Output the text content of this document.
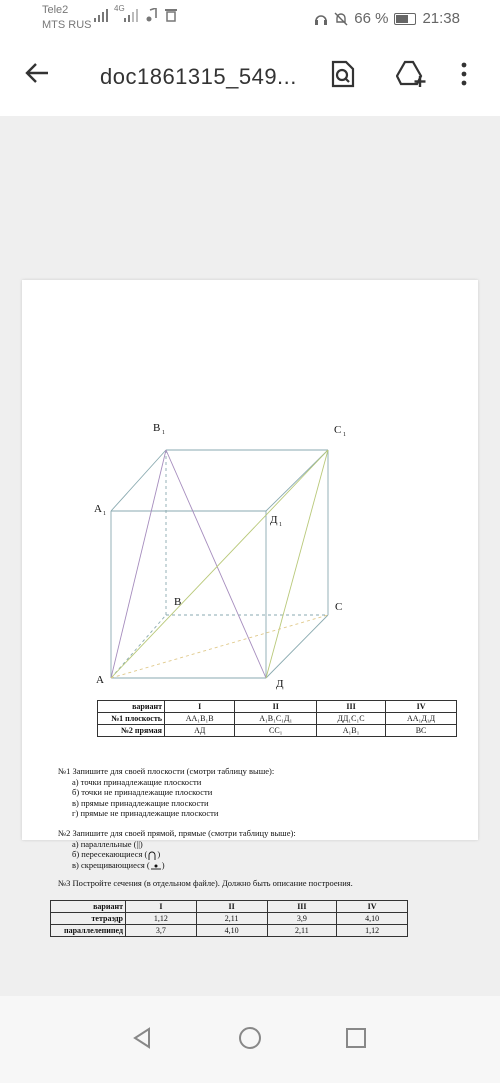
Tele2
MTS RUS
4G
66 % 21:38
doc1861315_549...
B 1	C 1
A 1	Д 1
B	C
A	Д
вариант	I	II	III	IV
№1 плоскость	АА₁В₁В	А₁В₁С₁Д₁	ДД₁С₁С	АА₁Д₁Д
№2 прямая	АД	СС₁	А₁В₁	ВС
№1 Запишите для своей плоскости (смотри таблицу выше):
а) точки принадлежащие плоскости
б) точки не принадлежащие плоскости
в) прямые принадлежащие плоскости
г) прямые не принадлежащие плоскости
№2 Запишите для своей прямой, прямые (смотри таблицу выше):
а) параллельные (||)
б) пересекающиеся ( )
в) скрещивающиеся ( )
№3 Постройте сечения (в отдельном файле). Должно быть описание построения.
вариант	I	II	III	IV
тетраэдр	1,12	2,11	3,9	4,10
параллелепипед	3,7	4,10	2,11	1,12
